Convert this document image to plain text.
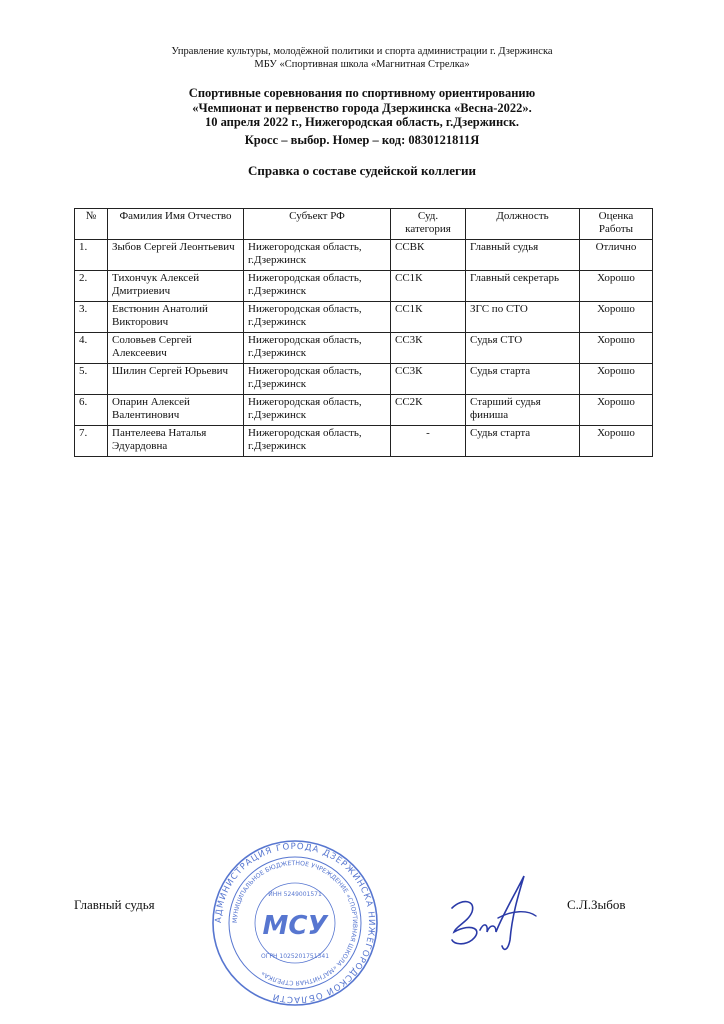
Управление культуры, молодёжной политики и спорта администрации г. Дзержинска
МБУ «Спортивная школа «Магнитная Стрелка»
Спортивные соревнования по спортивному ориентированию
«Чемпионат и первенство города Дзержинска «Весна-2022».
10 апреля 2022 г., Нижегородская область, г.Дзержинск.
Кросс – выбор. Номер – код: 0830121811Я
Справка о составе судейской коллегии
№	Фамилия Имя Отчество	Субъект РФ	Суд. категория	Должность	Оценка Работы
1.	Зыбов Сергей Леонтьевич	Нижегородская область, г.Дзержинск	ССВК	Главный судья	Отлично
2.	Тихончук Алексей Дмитриевич	Нижегородская область, г.Дзержинск	СС1К	Главный секретарь	Хорошо
3.	Евстюнин Анатолий Викторович	Нижегородская область, г.Дзержинск	СС1К	ЗГС по СТО	Хорошо
4.	Соловьев Сергей Алексеевич	Нижегородская область, г.Дзержинск	СС3К	Судья СТО	Хорошо
5.	Шилин Сергей Юрьевич	Нижегородская область, г.Дзержинск	СС3К	Судья старта	Хорошо
6.	Опарин Алексей Валентинович	Нижегородская область, г.Дзержинск	СС2К	Старший судья финиша	Хорошо
7.	Пантелеева Наталья Эдуардовна	Нижегородская область, г.Дзержинск	-	Судья старта	Хорошо
Главный судья	С.Л.Зыбов
АДМИНИСТРАЦИЯ ГОРОДА ДЗЕРЖИНСКА НИЖЕГОРОДСКОЙ ОБЛАСТИ
МУНИЦИПАЛЬНОЕ БЮДЖЕТНОЕ УЧРЕЖДЕНИЕ «СПОРТИВНАЯ ШКОЛА «МАГНИТНАЯ СТРЕЛКА»
ИНН 5249001571
ОГРН 1025201751341
МСУ
